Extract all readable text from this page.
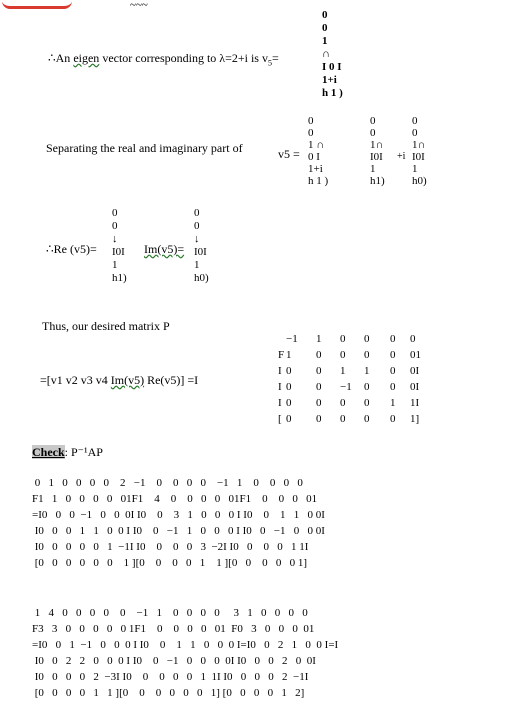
~~~
∴An eigen vector corresponding to λ=2+i is $v_5=$
0
0
1
∩
I 0 I
1+i
h 1 )
Separating the real and imaginary part of	v5 =
0
0
1 ∩
0 I
1+i
h 1 )
0
0
1∩
I0I
1
h1)
+i
0
0
1∩
I0I
1
h0)
∴Re (v5)=	Im(v5)=
0
0
↓
I0I
1
h1)
0
0
↓
I0I
1
h0)
Thus, our desired matrix P
=[v1 v2 v3 v4 Im(v5) Re(v5)] =I
−1 1 0 0 0 0
F 1 0 0 0 0 01
I 0 0 1 1 0 0I
I 0 0 −1 0 0 0I
I 0 0 0 0 1 1I
[ 0 0 0 0 0 1]
Check: P⁻¹AP
0   1   0   0   0   0    2   −1    0    0   0   0    −1   1    0    0   0   0
F1   1   0   0   0   0   01F1    4    0    0   0   0   01F1    0    0   0   01
=I0   0   0  −1   0   0  0I I0    0    3   1   0   0   0 I I0    0    1   1   0 0I
I0   0   0   1   1   0  0 I I0    0   −1   1   0   0   0 I I0   0   −1   0   0 0I
I0   0   0   0   0   1  −1I I0    0    0   0   3  −2I I0   0    0   0   1 1I
[0   0   0   0   0   0    1 ][0    0    0   0   1    1 ][0   0    0   0   0 1]
1   4   0   0   0   0    0    −1   1    0   0   0   0     3   1   0   0   0   0
F3   3   0   0   0   0   0 1F1    0    0   0   0   01  F0   3   0   0   0  01
=I0   0   1  −1   0   0  0 I I0    0    1   1   0   0  0 I=I0   0   2   1   0  0 I=I
I0   0   2   2   0   0  0 I I0    0   −1   0   0   0  0I I0   0   0   2   0  0I
I0   0   0   0   2  −3I I0    0    0   0   0   1  1I I0   0   0   0   2  −1I
[0   0   0   0   1   1 ][0    0    0   0   0   0   1] [0   0   0   0   1   2]
